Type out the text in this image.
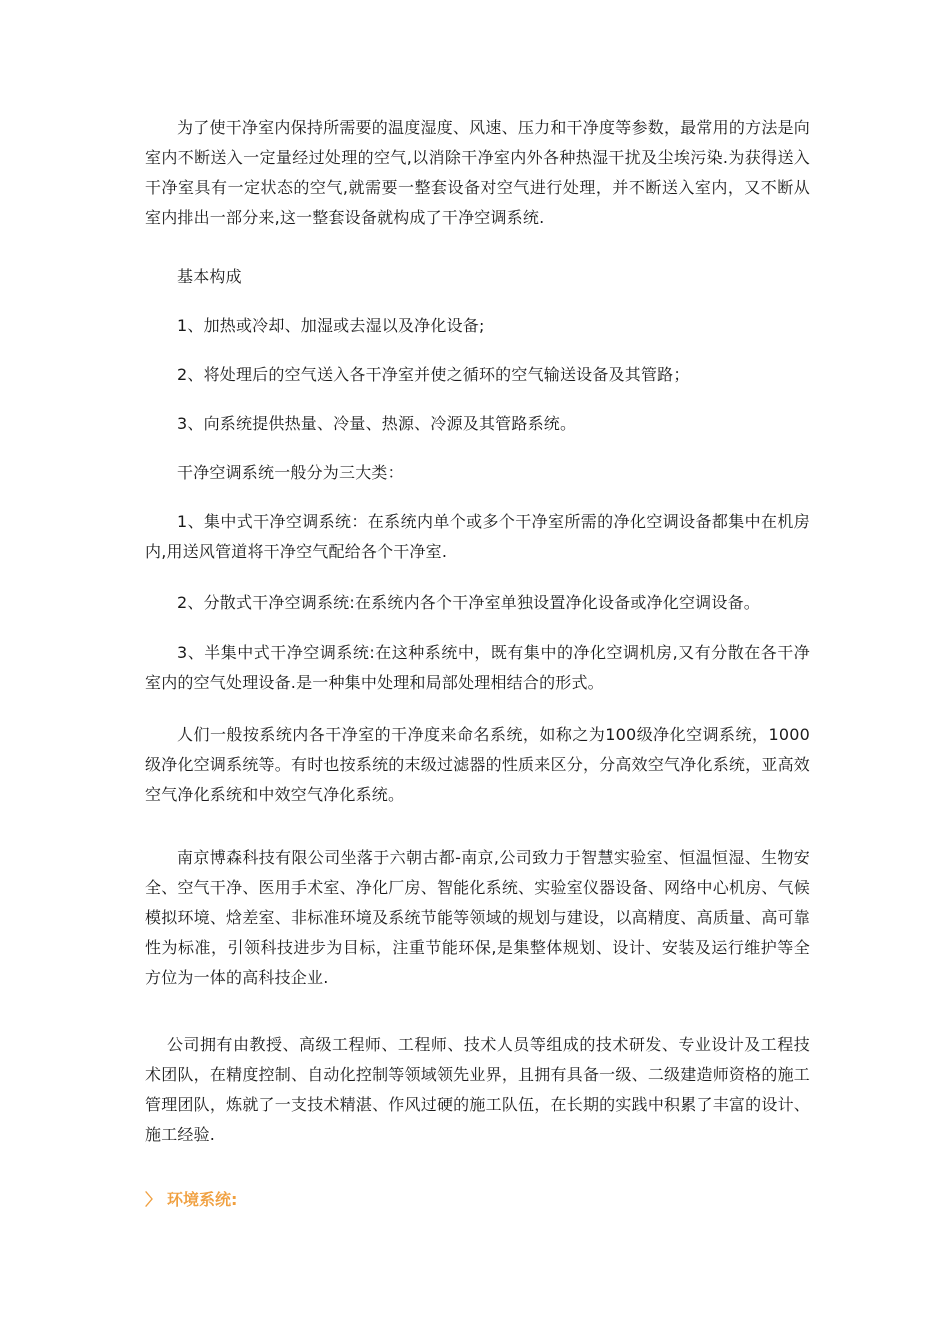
为了使干净室内保持所需要的温度湿度、风速、压力和干净度等参数，最常用的方法是向室内不断送入一定量经过处理的空气,以消除干净室内外各种热湿干扰及尘埃污染.为获得送入干净室具有一定状态的空气,就需要一整套设备对空气进行处理，并不断送入室内，又不断从室内排出一部分来,这一整套设备就构成了干净空调系统.

基本构成

1、加热或冷却、加湿或去湿以及净化设备;

2、将处理后的空气送入各干净室并使之循环的空气输送设备及其管路；

3、向系统提供热量、冷量、热源、冷源及其管路系统。

干净空调系统一般分为三大类：

1、集中式干净空调系统：在系统内单个或多个干净室所需的净化空调设备都集中在机房内,用送风管道将干净空气配给各个干净室.

2、分散式干净空调系统:在系统内各个干净室单独设置净化设备或净化空调设备。

3、半集中式干净空调系统:在这种系统中，既有集中的净化空调机房,又有分散在各干净室内的空气处理设备.是一种集中处理和局部处理相结合的形式。

人们一般按系统内各干净室的干净度来命名系统，如称之为100级净化空调系统，1000级净化空调系统等。有时也按系统的末级过滤器的性质来区分，分高效空气净化系统，亚高效空气净化系统和中效空气净化系统。

南京博森科技有限公司坐落于六朝古都-南京,公司致力于智慧实验室、恒温恒湿、生物安全、空气干净、医用手术室、净化厂房、智能化系统、实验室仪器设备、网络中心机房、气候模拟环境、焓差室、非标准环境及系统节能等领域的规划与建设，以高精度、高质量、高可靠性为标准，引领科技进步为目标，注重节能环保,是集整体规划、设计、安装及运行维护等全方位为一体的高科技企业.

公司拥有由教授、高级工程师、工程师、技术人员等组成的技术研发、专业设计及工程技术团队，在精度控制、自动化控制等领域领先业界，且拥有具备一级、二级建造师资格的施工管理团队，炼就了一支技术精湛、作风过硬的施工队伍，在长期的实践中积累了丰富的设计、施工经验.

〉 环境系统:
